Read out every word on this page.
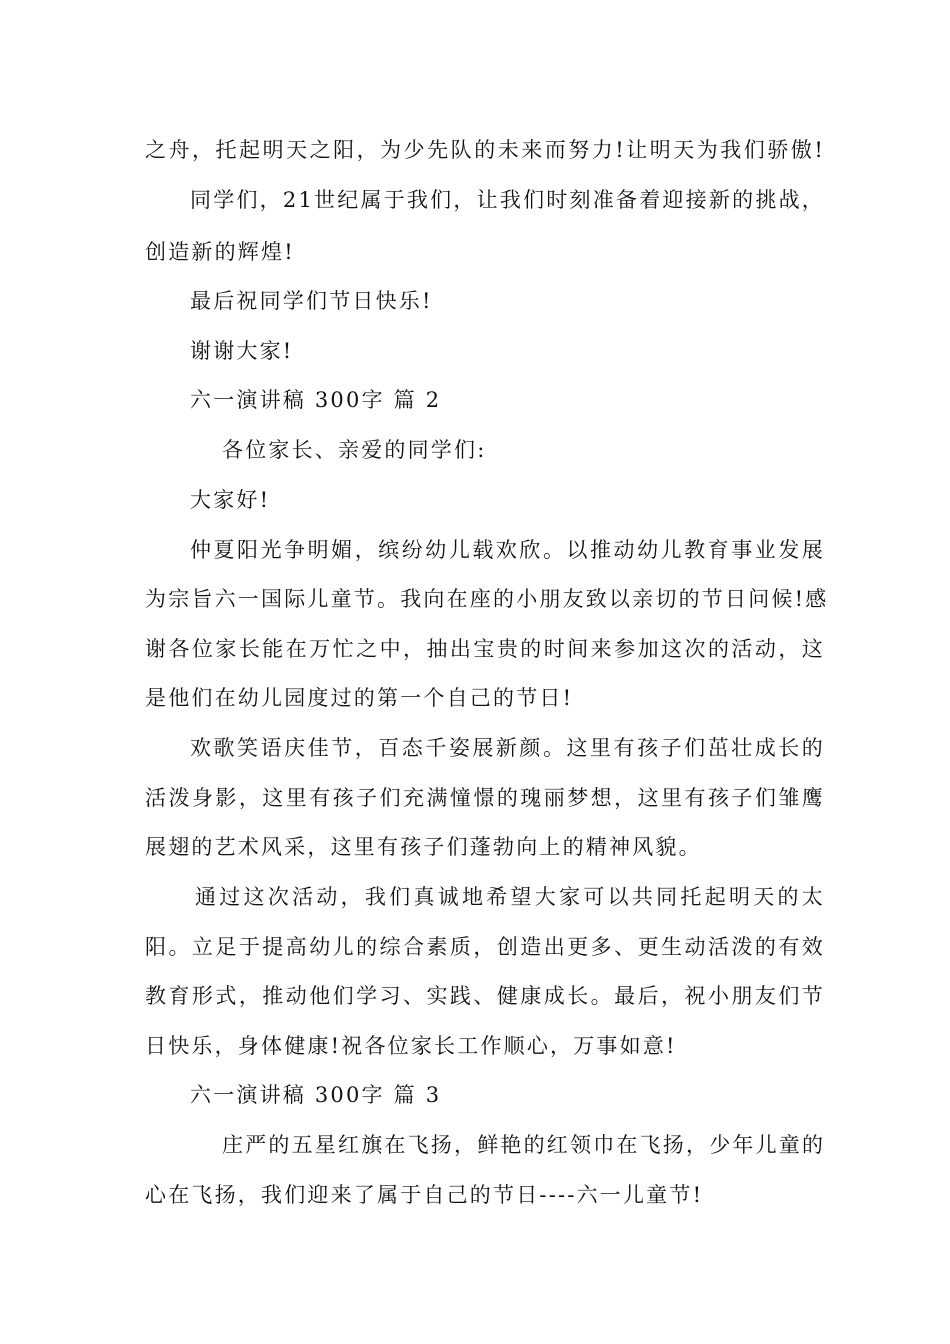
之舟，托起明天之阳，为少先队的未来而努力!让明天为我们骄傲!

同学们，21世纪属于我们，让我们时刻准备着迎接新的挑战，

创造新的辉煌!

最后祝同学们节日快乐!

谢谢大家!

六一演讲稿 300字 篇 2

各位家长、亲爱的同学们:

大家好!

仲夏阳光争明媚，缤纷幼儿载欢欣。以推动幼儿教育事业发展

为宗旨六一国际儿童节。我向在座的小朋友致以亲切的节日问候!感

谢各位家长能在万忙之中，抽出宝贵的时间来参加这次的活动，这

是他们在幼儿园度过的第一个自己的节日!

欢歌笑语庆佳节，百态千姿展新颜。这里有孩子们茁壮成长的

活泼身影，这里有孩子们充满憧憬的瑰丽梦想，这里有孩子们雏鹰

展翅的艺术风采，这里有孩子们蓬勃向上的精神风貌。

通过这次活动，我们真诚地希望大家可以共同托起明天的太

阳。立足于提高幼儿的综合素质，创造出更多、更生动活泼的有效

教育形式，推动他们学习、实践、健康成长。最后，祝小朋友们节

日快乐，身体健康!祝各位家长工作顺心，万事如意!

六一演讲稿 300字 篇 3

庄严的五星红旗在飞扬，鲜艳的红领巾在飞扬，少年儿童的

心在飞扬，我们迎来了属于自己的节日----六一儿童节!
